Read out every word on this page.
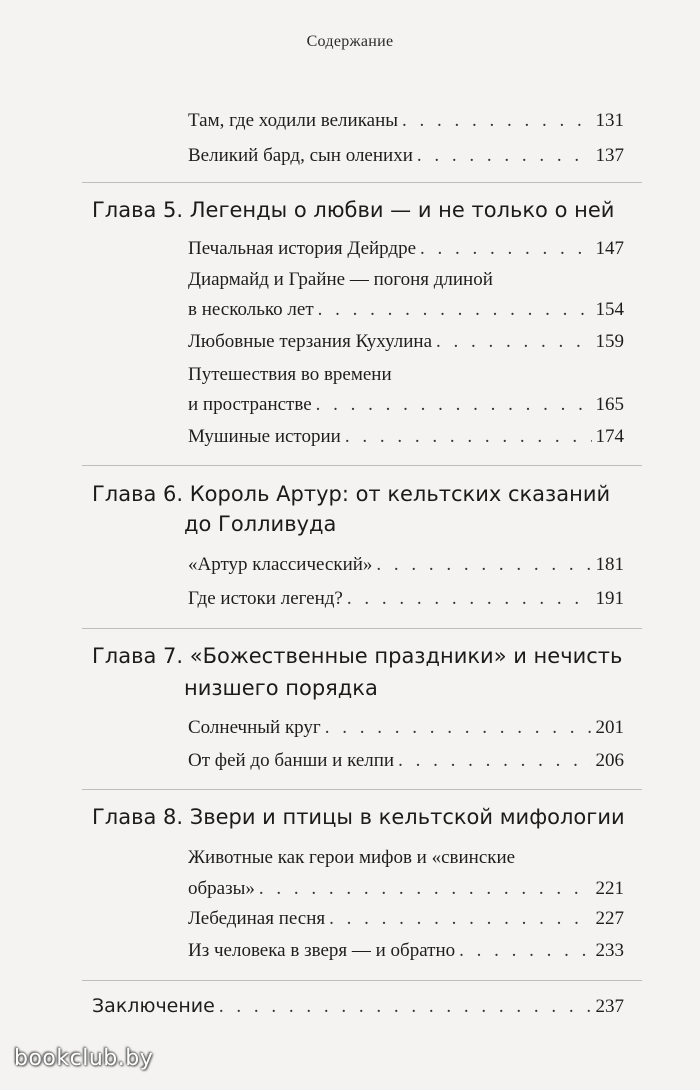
Содержание
Там, где ходили великаны . . .	131
Великий бард, сын оленихи . . .	137
Глава 5. Легенды о любви — и не только о ней
Печальная история Дейрдре . . .	147
Диармайд и Грайне — погоня длиной
в несколько лет . . .	154
Любовные терзания Кухулина . . .	159
Путешествия во времени
и пространстве . . .	165
Мушиные истории . . .	174
Глава 6. Король Артур: от кельтских сказаний
до Голливуда
«Артур классический» . . .	181
Где истоки легенд? . . .	191
Глава 7. «Божественные праздники» и нечисть
низшего порядка
Солнечный круг . . .	201
От фей до банши и келпи . . .	206
Глава 8. Звери и птицы в кельтской мифологии
Животные как герои мифов и «свинские
образы» . . .	221
Лебединая песня . . .	227
Из человека в зверя — и обратно . . .	233
Заключение . . .	237
bookclub.by
